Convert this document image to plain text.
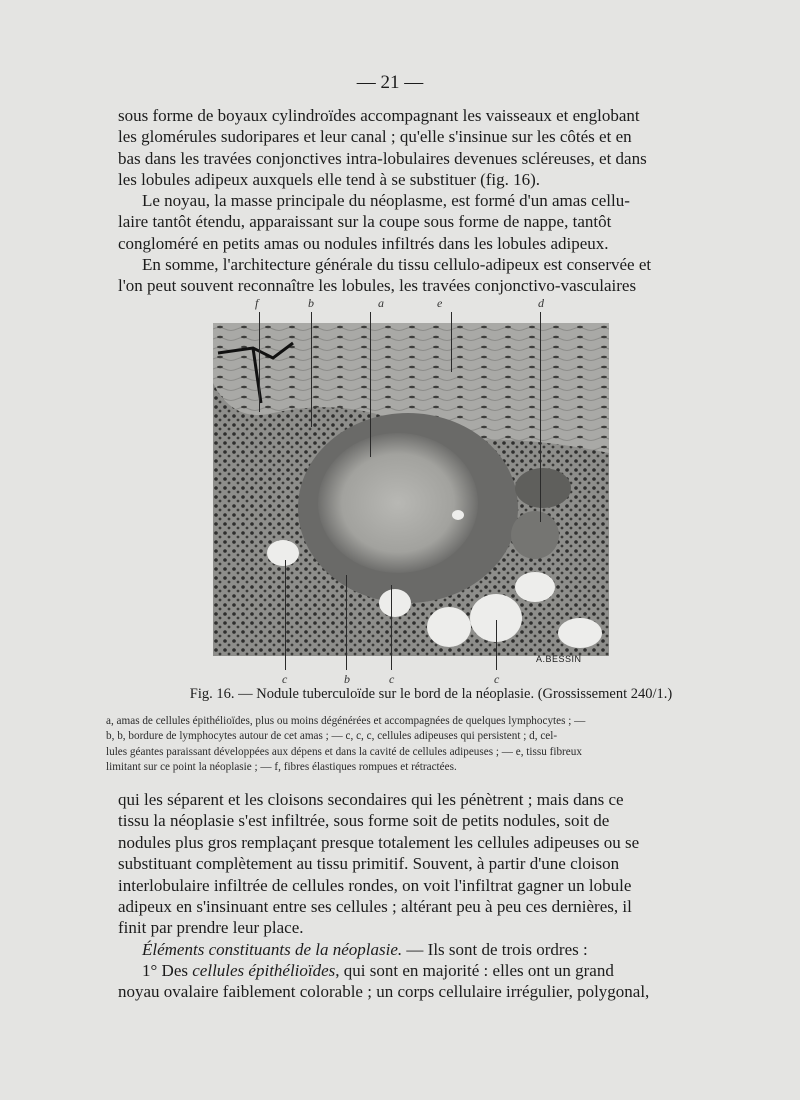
— 21 —

sous forme de boyaux cylindroïdes accompagnant les vaisseaux et englobant
les glomérules sudoripares et leur canal ; qu'elle s'insinue sur les côtés et en
bas dans les travées conjonctives intra-lobulaires devenues scléreuses, et dans
les lobules adipeux auxquels elle tend à se substituer (fig. 16).

Le noyau, la masse principale du néoplasme, est formé d'un amas cellu-
laire tantôt étendu, apparaissant sur la coupe sous forme de nappe, tantôt
congloméré en petits amas ou nodules infiltrés dans les lobules adipeux.

En somme, l'architecture générale du tissu cellulo-adipeux est conservée et
l'on peut souvent reconnaître les lobules, les travées conjonctivo-vasculaires

f	b	a	e	d
A.BESSIN
c	b	c	c
Fig. 16. — Nodule tuberculoïde sur le bord de la néoplasie. (Grossissement 240/1.)
a, amas de cellules épithélioïdes, plus ou moins dégénérées et accompagnées de quelques lymphocytes ; —
b, b, bordure de lymphocytes autour de cet amas ; — c, c, c, cellules adipeuses qui persistent ; d, cel-
lules géantes paraissant développées aux dépens et dans la cavité de cellules adipeuses ; — e, tissu fibreux
limitant sur ce point la néoplasie ; — f, fibres élastiques rompues et rétractées.

qui les séparent et les cloisons secondaires qui les pénètrent ; mais dans ce
tissu la néoplasie s'est infiltrée, sous forme soit de petits nodules, soit de
nodules plus gros remplaçant presque totalement les cellules adipeuses ou se
substituant complètement au tissu primitif. Souvent, à partir d'une cloison
interlobulaire infiltrée de cellules rondes, on voit l'infiltrat gagner un lobule
adipeux en s'insinuant entre ses cellules ; altérant peu à peu ces dernières, il
finit par prendre leur place.

Éléments constituants de la néoplasie. — Ils sont de trois ordres :

1° Des cellules épithélioïdes, qui sont en majorité : elles ont un grand
noyau ovalaire faiblement colorable ; un corps cellulaire irrégulier, polygonal,
